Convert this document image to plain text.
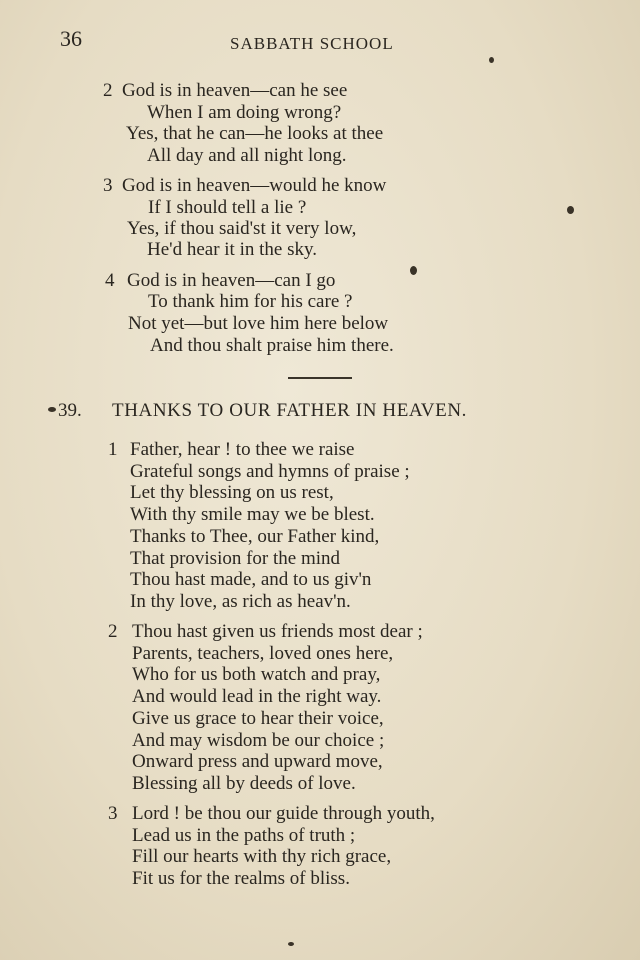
36	SABBATH SCHOOL
2 God is in heaven—can he see
When I am doing wrong?
Yes, that he can—he looks at thee
All day and all night long.
3 God is in heaven—would he know
If I should tell a lie ?
Yes, if thou said'st it very low,
He'd hear it in the sky.
4 God is in heaven—can I go
To thank him for his care ?
Not yet—but love him here below
And thou shalt praise him there.
39. THANKS TO OUR FATHER IN HEAVEN.
1 Father, hear ! to thee we raise
Grateful songs and hymns of praise ;
Let thy blessing on us rest,
With thy smile may we be blest.
Thanks to Thee, our Father kind,
That provision for the mind
Thou hast made, and to us giv'n
In thy love, as rich as heav'n.
2 Thou hast given us friends most dear ;
Parents, teachers, loved ones here,
Who for us both watch and pray,
And would lead in the right way.
Give us grace to hear their voice,
And may wisdom be our choice ;
Onward press and upward move,
Blessing all by deeds of love.
3 Lord ! be thou our guide through youth,
Lead us in the paths of truth ;
Fill our hearts with thy rich grace,
Fit us for the realms of bliss.
